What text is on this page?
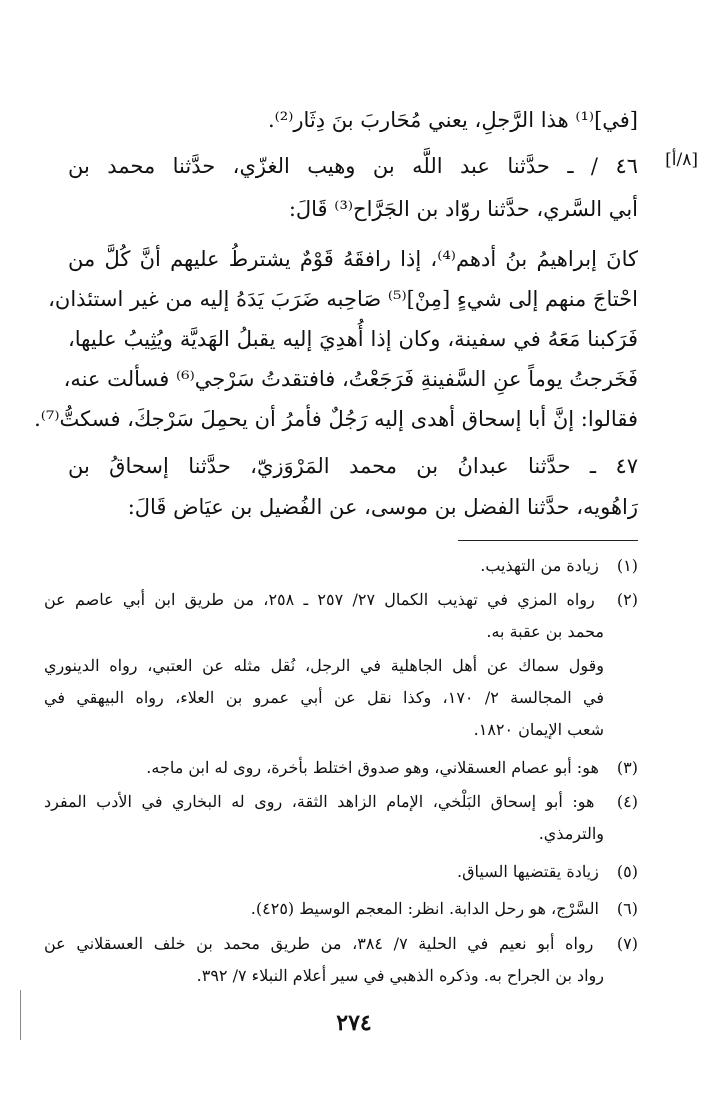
[٨/أ]
[في]⁽¹⁾ هذا الرَّجلِ، يعني مُحَاربَ بنَ دِثَار⁽²⁾.
٤٦ / ـ حدَّثنا عبد اللَّه بن وهيب الغزّي، حدَّثنا محمد بن
أبي السَّري، حدَّثنا روّاد بن الجَرَّاح⁽³⁾ قَالَ:
كانَ إبراهيمُ بنُ أدهم⁽⁴⁾، إذا رافقَهُ قَوْمٌ يشترطُ عليهم أنَّ كُلَّ من
احْتاجَ منهم إلى شيءٍ [مِنْ]⁽⁵⁾ صَاحِبه ضَرَبَ يَدَهُ إليه من غير استئذان،
فَرَكبنا مَعَهُ في سفينة، وكان إذا أُهدِيَ إليه يقبلُ الهَديَّة ويُثِيبُ عليها،
فَخَرجتُ يوماً عنِ السَّفينةِ فَرَجَعْتُ، فافتقدتُ سَرْجي⁽⁶⁾ فسألت عنه،
فقالوا: إنَّ أبا إسحاق أهدى إليه رَجُلٌ فأمرُ أن يحمِلَ سَرْجكَ، فسكتُّ⁽⁷⁾.
٤٧ ـ حدَّثنا عبدانُ بن محمد المَرْوَزيّ، حدَّثنا إسحاقُ بن
رَاهُويه، حدَّثنا الفضل بن موسى، عن الفُضيل بن عيَاض قَالَ:
(١) زيادة من التهذيب.
(٢) رواه المزي في تهذيب الكمال ٢٧/ ٢٥٧ ـ ٢٥٨، من طريق ابن أبي عاصم عن
محمد بن عقبة به.
وقول سماك عن أهل الجاهلية في الرجل، نُقل مثله عن العتبي، رواه الدينوري
في المجالسة ٢/ ١٧٠، وكذا نقل عن أبي عمرو بن العلاء، رواه البيهقي في
شعب الإيمان ١٨٢٠.
(٣) هو: أبو عصام العسقلاني، وهو صدوق اختلط بأخرة، روى له ابن ماجه.
(٤) هو: أبو إسحاق البَلْخي، الإمام الزاهد الثقة، روى له البخاري في الأدب المفرد
والترمذي.
(٥) زيادة يقتضيها السياق.
(٦) السَّرْج، هو رحل الدابة. انظر: المعجم الوسيط (٤٢٥).
(٧) رواه أبو نعيم في الحلية ٧/ ٣٨٤، من طريق محمد بن خلف العسقلاني عن
رواد بن الجراح به. وذكره الذهبي في سير أعلام النبلاء ٧/ ٣٩٢.
٢٧٤
